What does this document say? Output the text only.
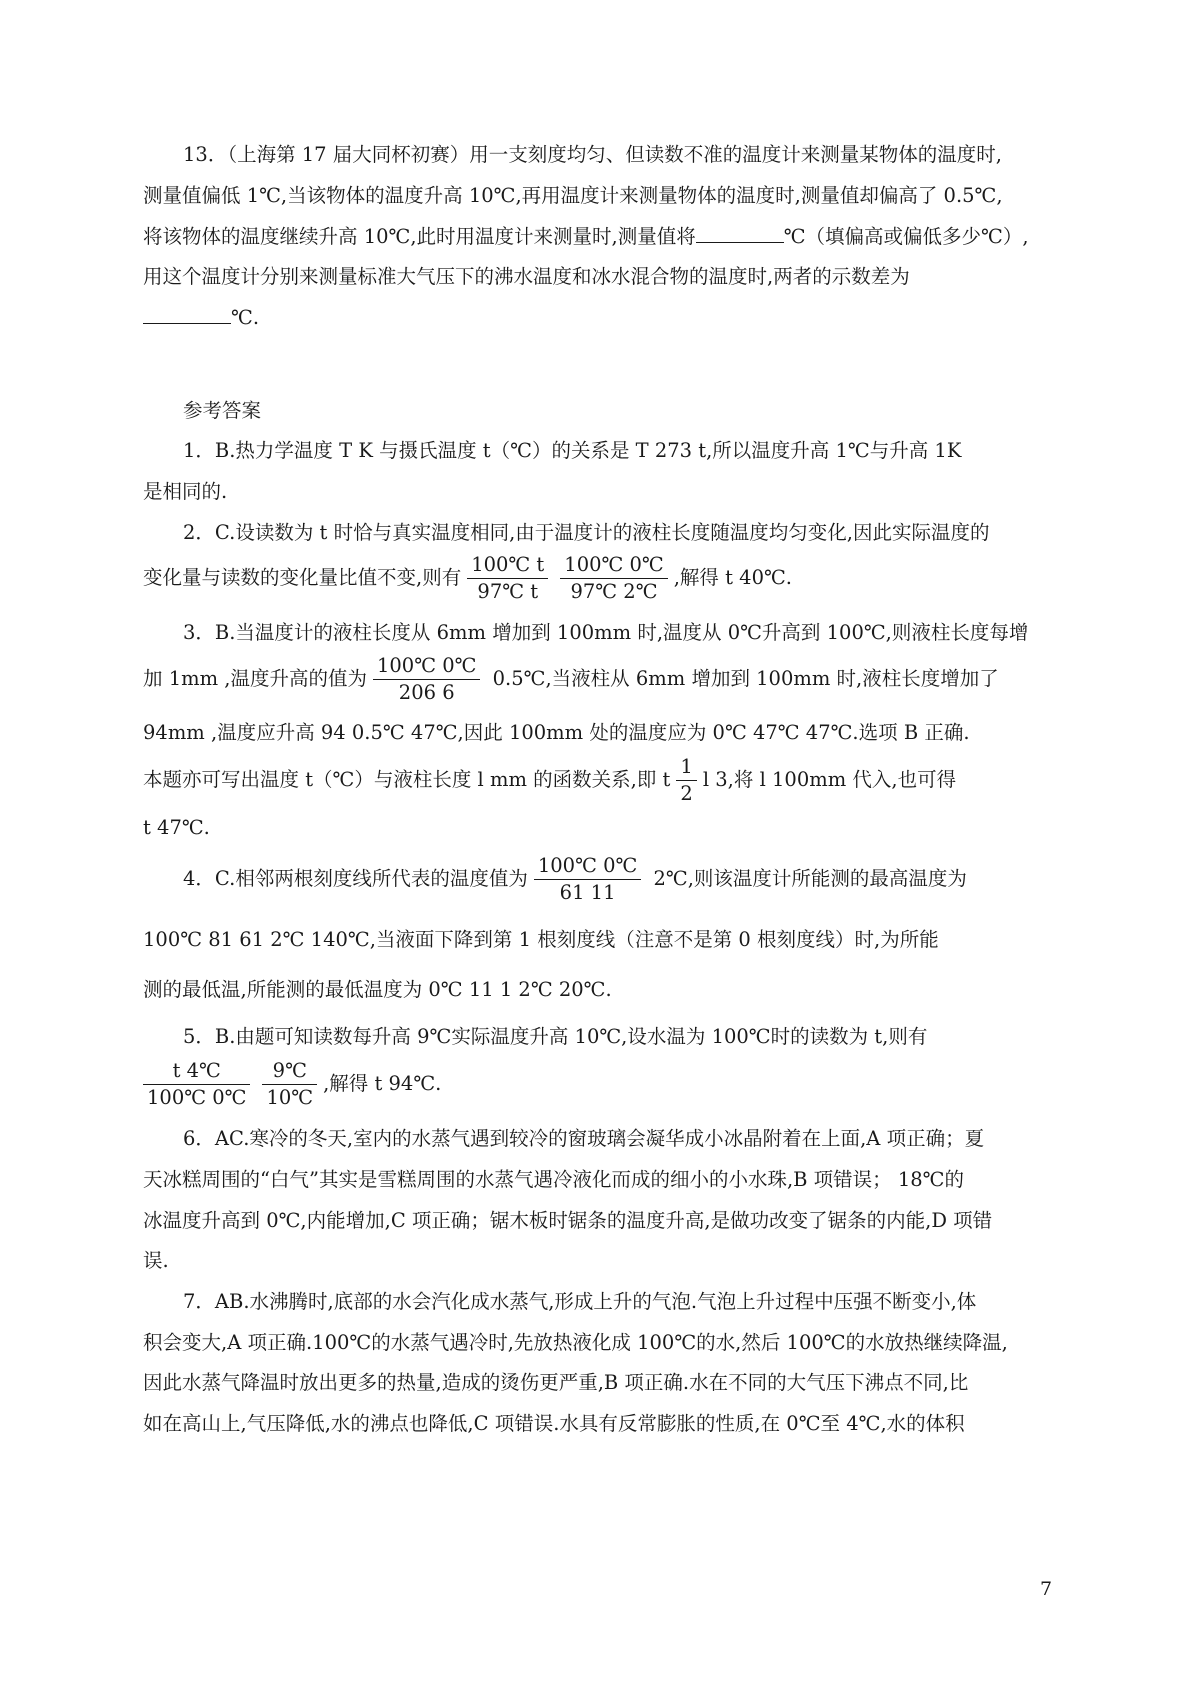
13．（上海第 17 届大同杯初赛）用一支刻度均匀、但读数不准的温度计来测量某物体的温度时,
测量值偏低 1℃,当该物体的温度升高 10℃,再用温度计来测量物体的温度时,测量值却偏高了 0.5℃,
将该物体的温度继续升高 10℃,此时用温度计来测量时,测量值将	℃（填偏高或偏低多少℃）,
用这个温度计分别来测量标准大气压下的沸水温度和冰水混合物的温度时,两者的示数差为
℃.
参考答案
1．B.热力学温度 T K 与摄氏温度 t（℃）的关系是 T 273 t,所以温度升高 1℃与升高 1K
是相同的.
2．C.设读数为 t 时恰与真实温度相同,由于温度计的液柱长度随温度均匀变化,因此实际温度的
变化量与读数的变化量比值不变,则有 $\frac{100℃ t}{97℃ t} \frac{100℃ 0℃}{97℃ 2℃}$ ,解得 t 40℃.
3．B.当温度计的液柱长度从 6mm 增加到 100mm 时,温度从 0℃升高到 100℃,则液柱长度每增
加 1mm ,温度升高的值为 $\frac{100℃ 0℃}{206 6}$ 0.5℃,当液柱从 6mm 增加到 100mm 时,液柱长度增加了
94mm ,温度应升高 94 0.5℃ 47℃,因此 100mm 处的温度应为 0℃ 47℃ 47℃.选项 B 正确.
本题亦可写出温度 t（℃）与液柱长度 l mm 的函数关系,即 t $\frac{1}{2}$ l 3,将 l 100mm 代入,也可得
t 47℃.
4．C.相邻两根刻度线所代表的温度值为 $\frac{100℃ 0℃}{61 11}$ 2℃,则该温度计所能测的最高温度为
100℃ 81 61 2℃ 140℃,当液面下降到第 1 根刻度线（注意不是第 0 根刻度线）时,为所能
测的最低温,所能测的最低温度为 0℃ 11 1 2℃ 20℃.
5．B.由题可知读数每升高 9℃实际温度升高 10℃,设水温为 100℃时的读数为 t,则有
$\frac{t 4℃}{100℃ 0℃} \frac{9℃}{10℃}$ ,解得 t 94℃.
6．AC.寒冷的冬天,室内的水蒸气遇到较冷的窗玻璃会凝华成小冰晶附着在上面,A 项正确；夏
天冰糕周围的“白气”其实是雪糕周围的水蒸气遇冷液化而成的细小的小水珠,B 项错误； 18℃的
冰温度升高到 0℃,内能增加,C 项正确；锯木板时锯条的温度升高,是做功改变了锯条的内能,D 项错
误.
7．AB.水沸腾时,底部的水会汽化成水蒸气,形成上升的气泡.气泡上升过程中压强不断变小,体
积会变大,A 项正确.100℃的水蒸气遇冷时,先放热液化成 100℃的水,然后 100℃的水放热继续降温,
因此水蒸气降温时放出更多的热量,造成的烫伤更严重,B 项正确.水在不同的大气压下沸点不同,比
如在高山上,气压降低,水的沸点也降低,C 项错误.水具有反常膨胀的性质,在 0℃至 4℃,水的体积
7
